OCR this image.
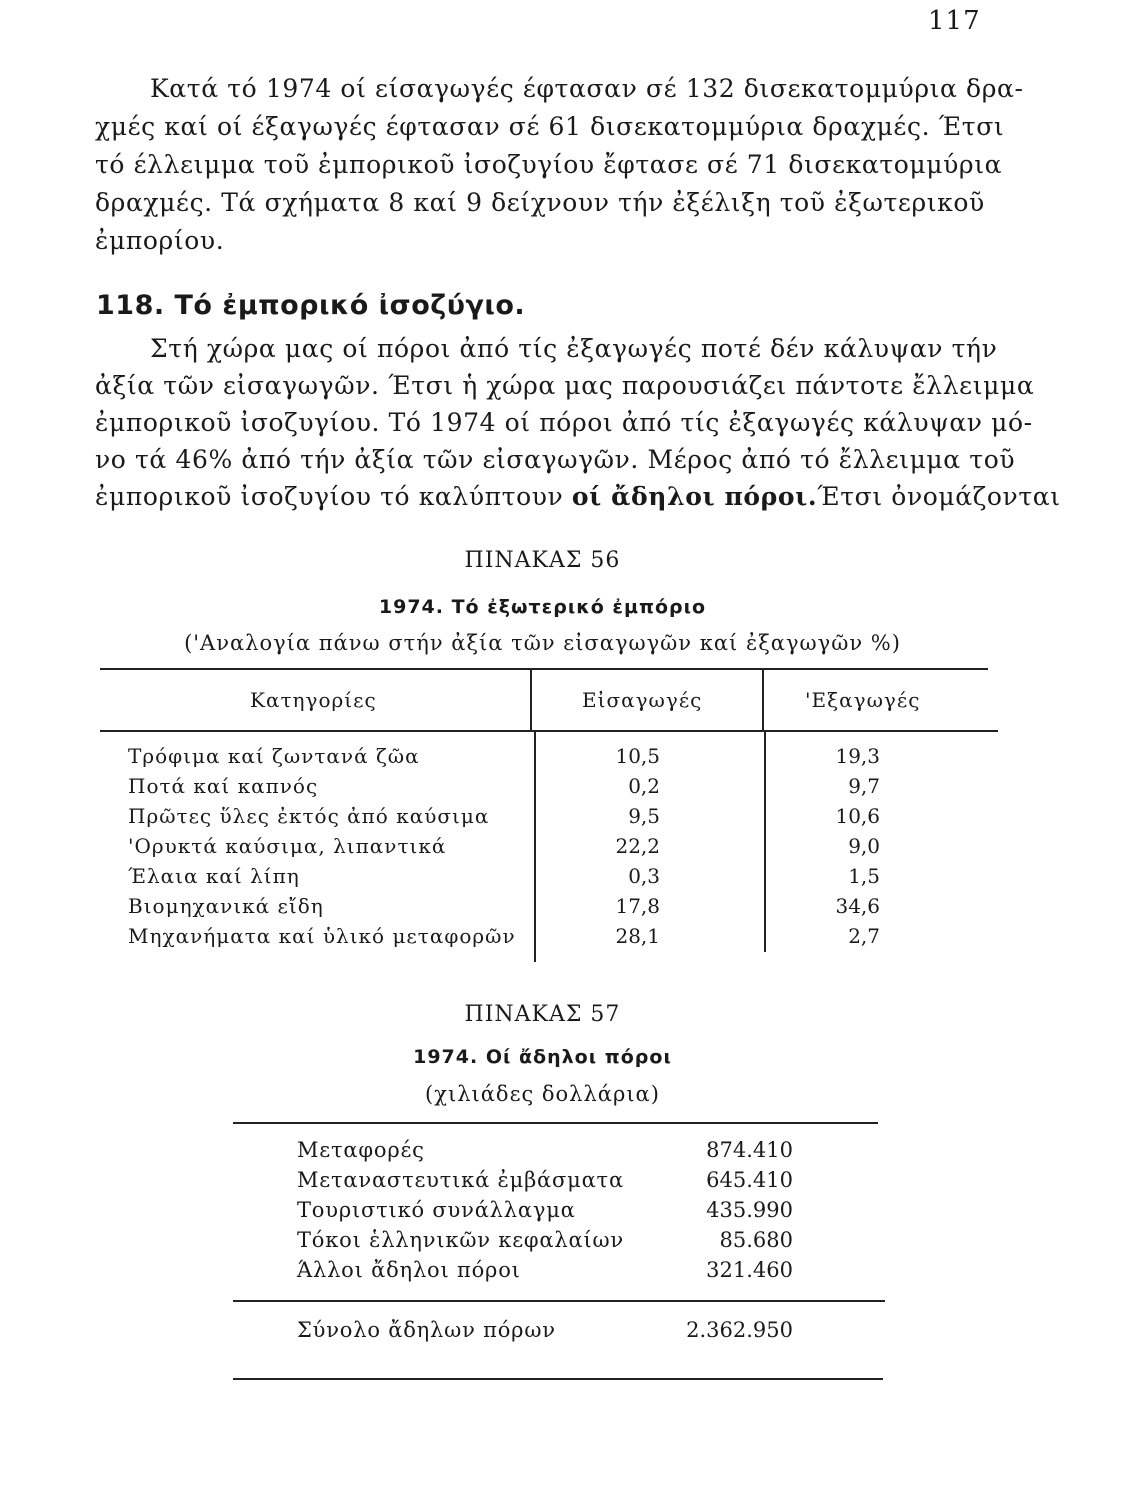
117

Κατά τό 1974 οί είσαγωγές έφτασαν σέ 132 δισεκατομμύρια δρα-
χμές καί οί έξαγωγές έφτασαν σέ 61 δισεκατομμύρια δραχμές. Έτσι
τό έλλειμμα τοῦ ἐμπορικοῦ ἰσοζυγίου ἔφτασε σέ 71 δισεκατομμύρια
δραχμές. Τά σχήματα 8 καί 9 δείχνουν τήν ἐξέλιξη τοῦ ἐξωτερικοῦ
ἐμπορίου.

118. Τό ἐμπορικό ἰσοζύγιο.

Στή χώρα μας οί πόροι ἀπό τίς ἐξαγωγές ποτέ δέν κάλυψαν τήν
ἀξία τῶν εἰσαγωγῶν. Έτσι ἡ χώρα μας παρουσιάζει πάντοτε ἔλλειμμα
ἐμπορικοῦ ἰσοζυγίου. Τό 1974 οί πόροι ἀπό τίς ἐξαγωγές κάλυψαν μό-
νο τά 46% ἀπό τήν ἀξία τῶν εἰσαγωγῶν. Μέρος ἀπό τό ἔλλειμμα τοῦ
ἐμπορικοῦ ἰσοζυγίου τό καλύπτουν οί ἄδηλοι πόροι.Έτσι ὀνομάζονται

ΠΙΝΑΚΑΣ 56
1974. Τό ἐξωτερικό ἐμπόριο
('Αναλογία πάνω στήν ἀξία τῶν εἰσαγωγῶν καί ἐξαγωγῶν %)
Κατηγορίες	Εἰσαγωγές	'Εξαγωγές
Τρόφιμα καί ζωντανά ζῶα	10,5	19,3
Ποτά καί καπνός	0,2	9,7
Πρῶτες ὕλες ἐκτός ἀπό καύσιμα	9,5	10,6
'Ορυκτά καύσιμα, λιπαντικά	22,2	9,0
Έλαια καί λίπη	0,3	1,5
Βιομηχανικά εἴδη	17,8	34,6
Μηχανήματα καί ὑλικό μεταφορῶν	28,1	2,7
ΠΙΝΑΚΑΣ 57
1974. Οί ἄδηλοι πόροι
(χιλιάδες δολλάρια)
Μεταφορές	874.410
Μεταναστευτικά ἐμβάσματα	645.410
Τουριστικό συνάλλαγμα	435.990
Τόκοι ἑλληνικῶν κεφαλαίων	85.680
Άλλοι ἄδηλοι πόροι	321.460
Σύνολο ἄδηλων πόρων	2.362.950
